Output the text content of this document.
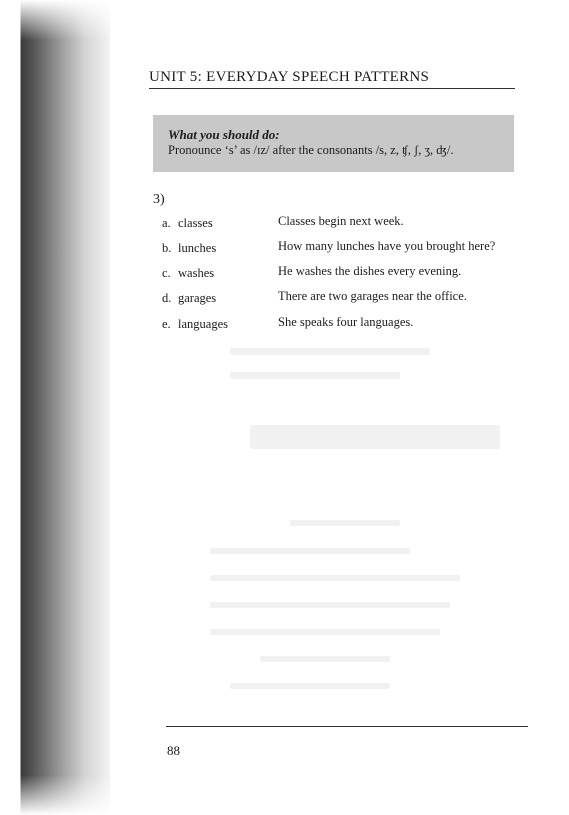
UNIT 5: EVERYDAY SPEECH PATTERNS
What you should do:
Pronounce ‘s’ as /ɪz/ after the consonants /s, z, ʧ, ʃ, ʒ, ʤ/.
3)
a. classes	Classes begin next week.
b. lunches	How many lunches have you brought here?
c. washes	He washes the dishes every evening.
d. garages	There are two garages near the office.
e. languages	She speaks four languages.
88
